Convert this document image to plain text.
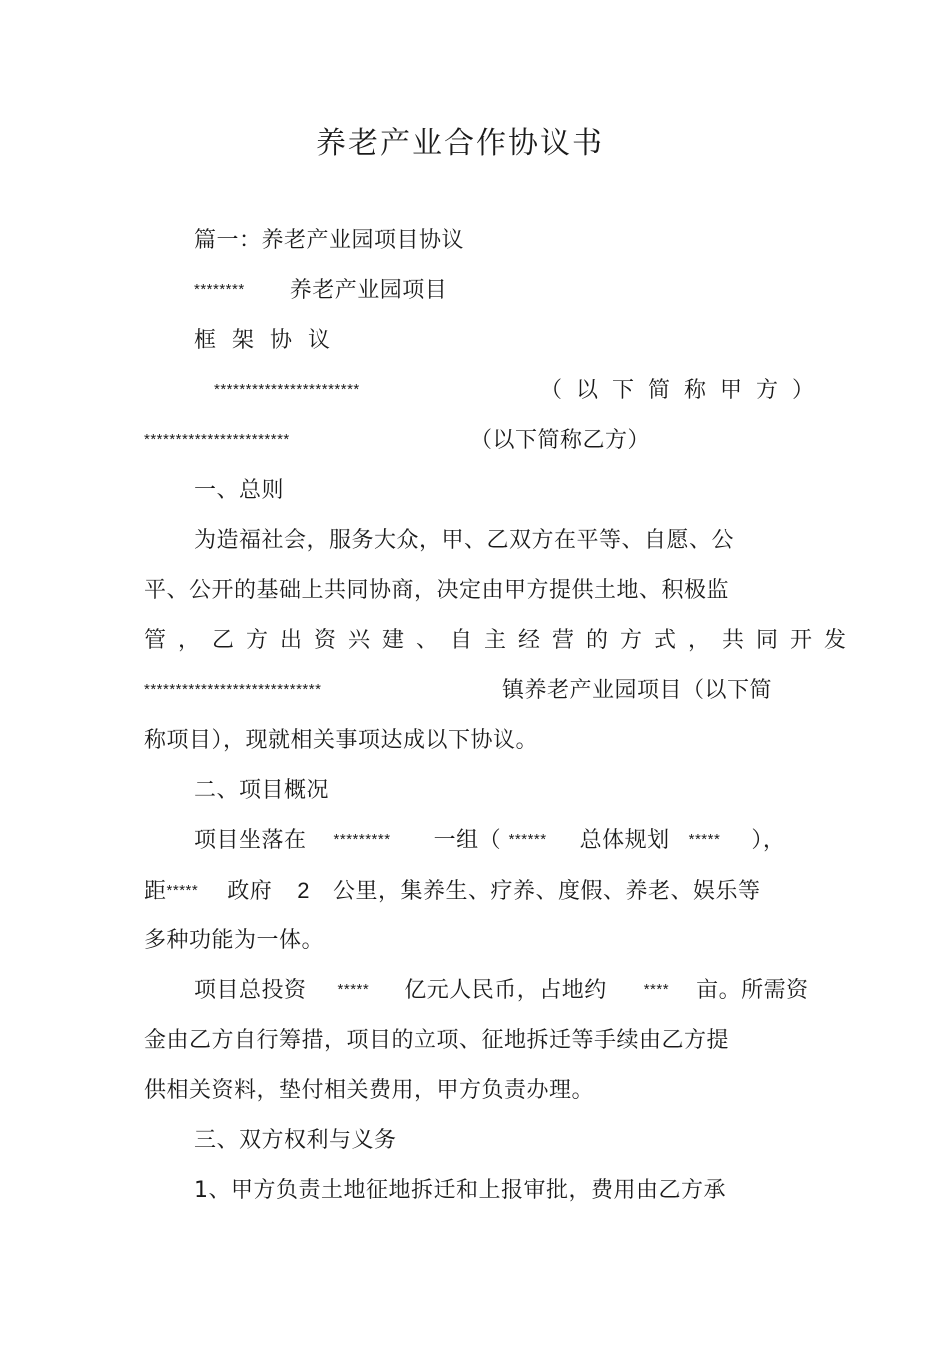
养老产业合作协议书
篇一：养老产业园项目协议
******** 养老产业园项目
框架协议
***********************	（以下简称甲方）
***********************	（以下简称乙方）
一、总则
为造福社会，服务大众，甲、乙双方在平等、自愿、公
平、公开的基础上共同协商，决定由甲方提供土地、积极监
管，乙方出资兴建、自主经营的方式，共同开发
****************************	镇养老产业园项目（以下简
称项目），现就相关事项达成以下协议。
二、项目概况
项目坐落在 ********* 一组（ ****** 总体规划 ***** ），
距***** 政府 2 公里，集养生、疗养、度假、养老、娱乐等
多种功能为一体。
项目总投资 ***** 亿元人民币，占地约 **** 亩。所需资
金由乙方自行筹措，项目的立项、征地拆迁等手续由乙方提
供相关资料，垫付相关费用，甲方负责办理。
三、双方权利与义务
1、甲方负责土地征地拆迁和上报审批，费用由乙方承
